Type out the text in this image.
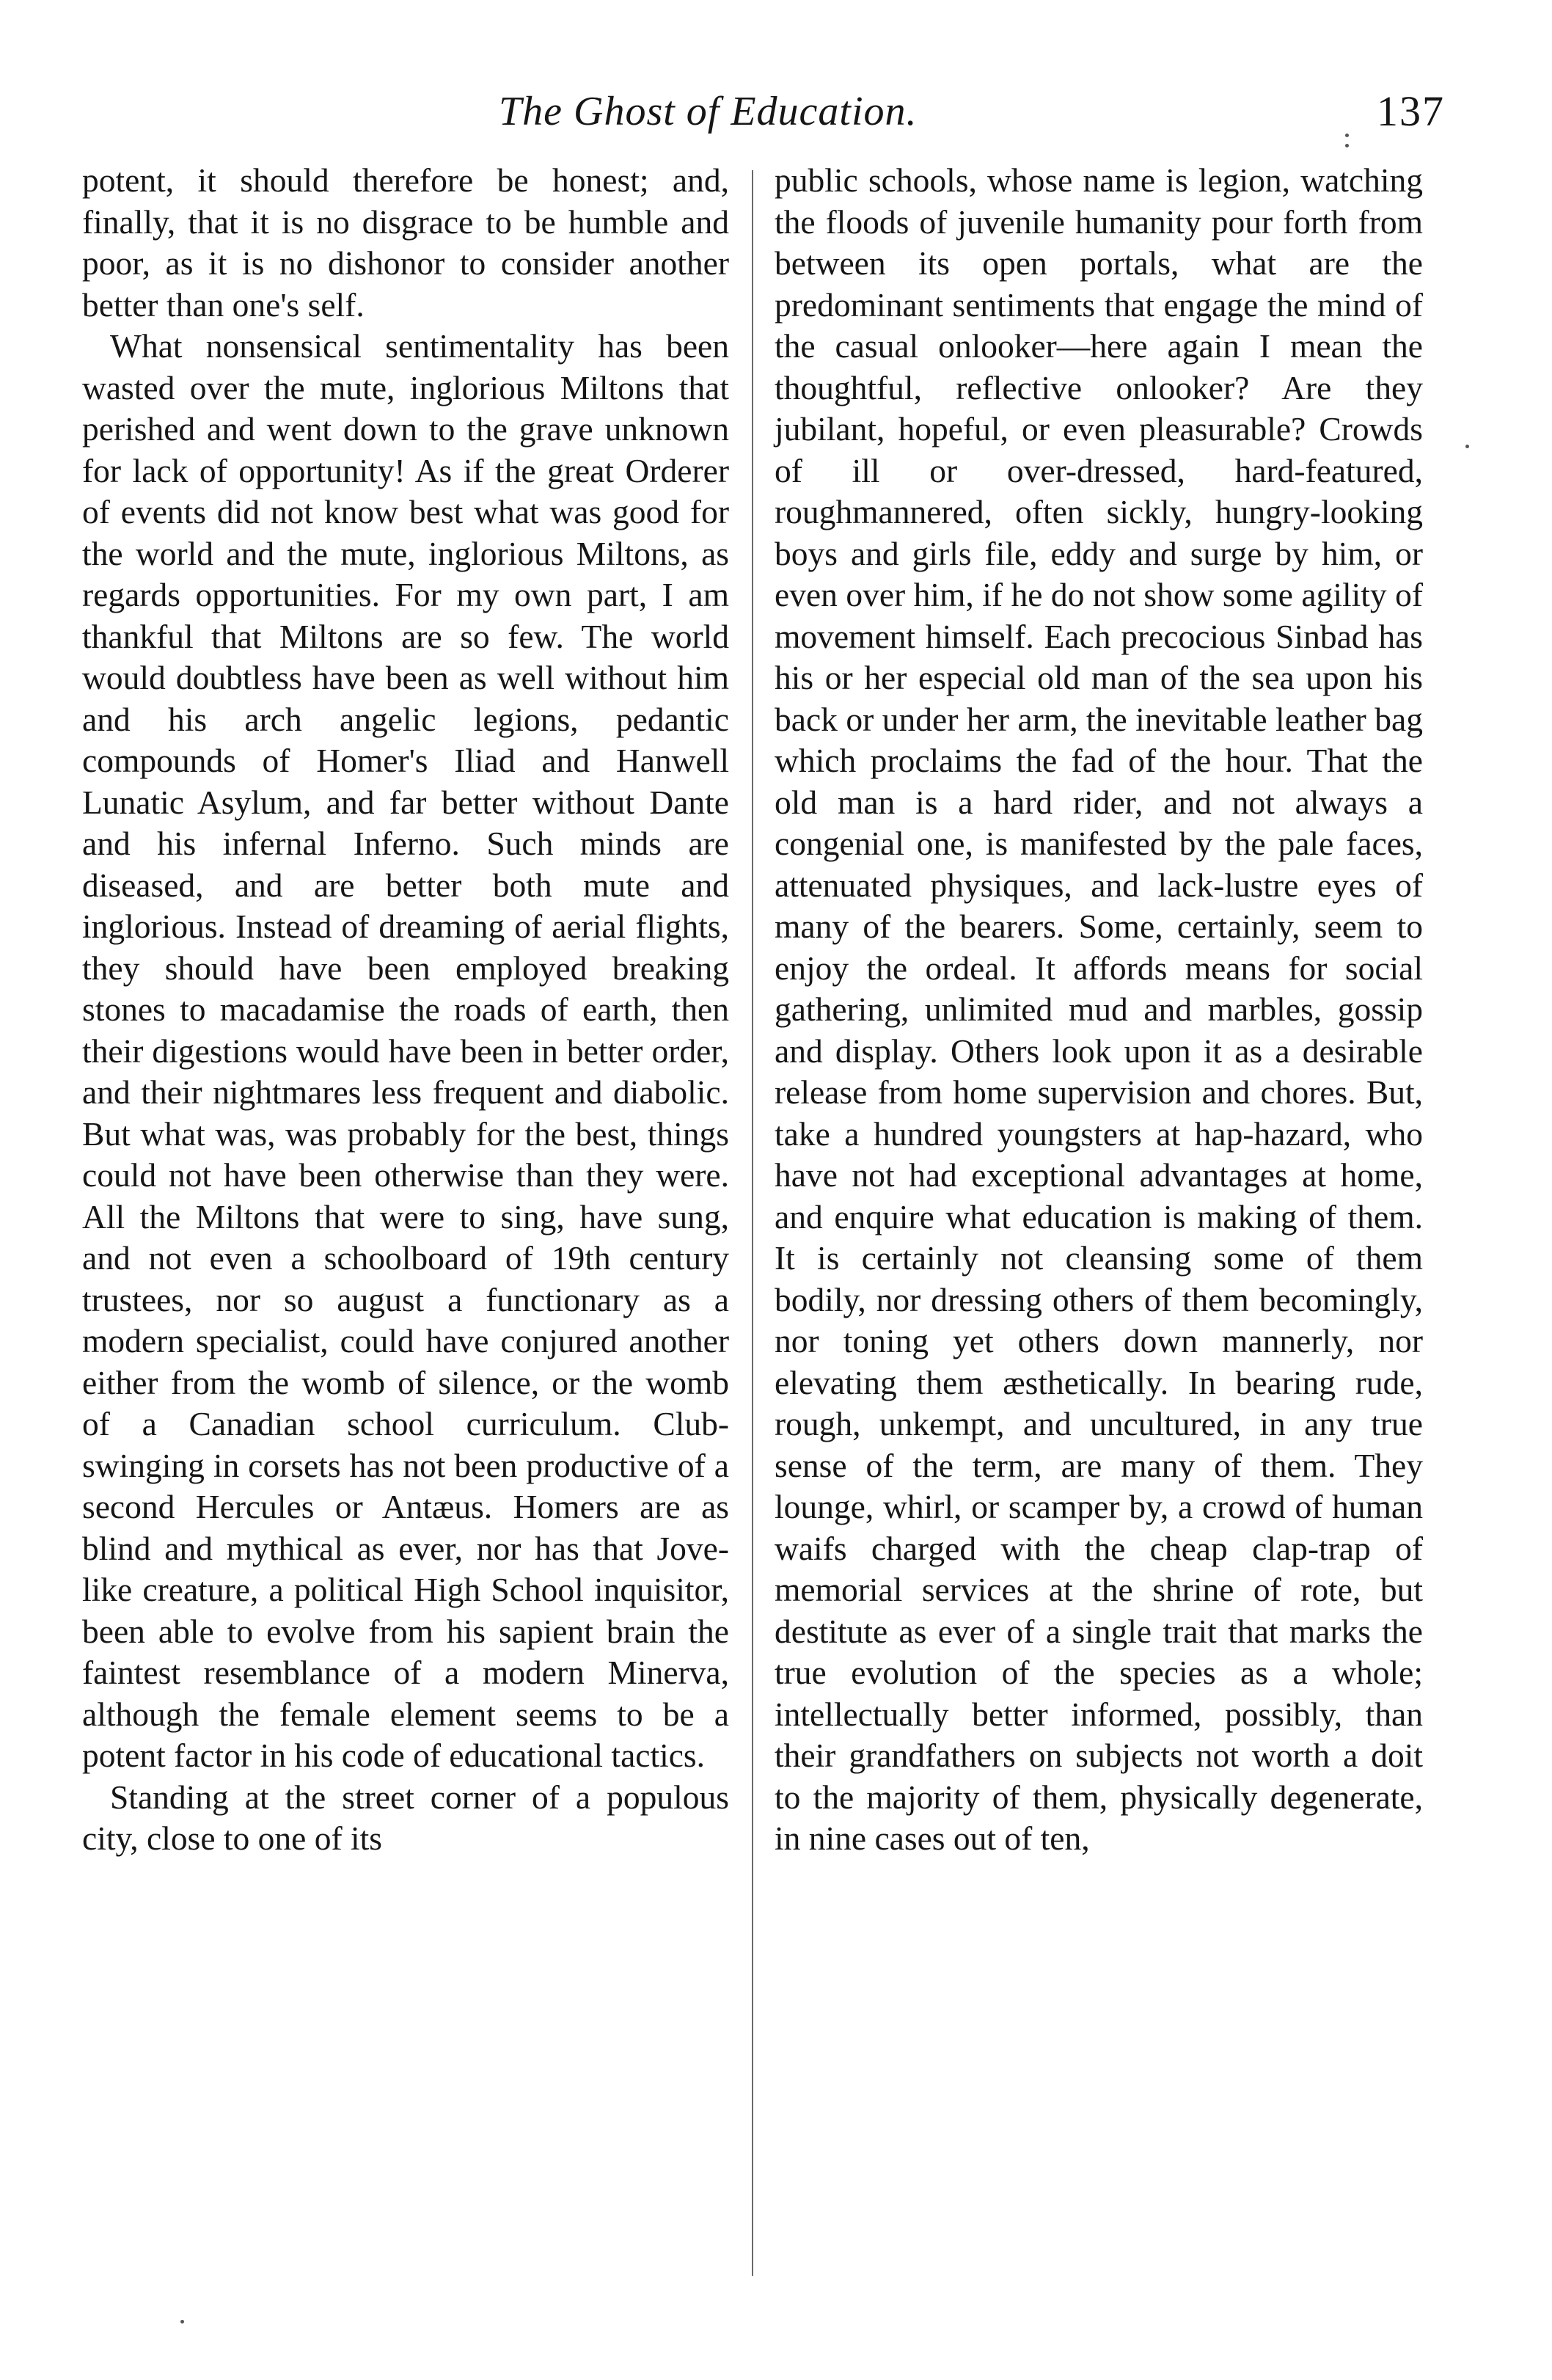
The Ghost of Education.	137

potent, it should therefore be honest; and, finally, that it is no disgrace to be humble and poor, as it is no dishonor to consider another better than one's self.

What nonsensical sentimentality has been wasted over the mute, inglorious Miltons that perished and went down to the grave unknown for lack of opportunity! As if the great Orderer of events did not know best what was good for the world and the mute, inglorious Miltons, as regards opportunities. For my own part, I am thankful that Miltons are so few. The world would doubtless have been as well without him and his arch angelic legions, pedantic compounds of Homer's Iliad and Hanwell Lunatic Asylum, and far better without Dante and his infernal Inferno. Such minds are diseased, and are better both mute and inglorious. Instead of dreaming of aerial flights, they should have been employed breaking stones to macadamise the roads of earth, then their digestions would have been in better order, and their nightmares less frequent and diabolic. But what was, was probably for the best, things could not have been otherwise than they were. All the Miltons that were to sing, have sung, and not even a schoolboard of 19th century trustees, nor so august a functionary as a modern specialist, could have conjured another either from the womb of silence, or the womb of a Canadian school curriculum. Club-swinging in corsets has not been productive of a second Hercules or Antæus. Homers are as blind and mythical as ever, nor has that Jove-like creature, a political High School inquisitor, been able to evolve from his sapient brain the faintest resemblance of a modern Minerva, although the female element seems to be a potent factor in his code of educational tactics.

Standing at the street corner of a populous city, close to one of its

public schools, whose name is legion, watching the floods of juvenile humanity pour forth from between its open portals, what are the predominant sentiments that engage the mind of the casual onlooker—here again I mean the thoughtful, reflective onlooker? Are they jubilant, hopeful, or even pleasurable? Crowds of ill or over-dressed, hard-featured, roughmannered, often sickly, hungry-looking boys and girls file, eddy and surge by him, or even over him, if he do not show some agility of movement himself. Each precocious Sinbad has his or her especial old man of the sea upon his back or under her arm, the inevitable leather bag which proclaims the fad of the hour. That the old man is a hard rider, and not always a congenial one, is manifested by the pale faces, attenuated physiques, and lack-lustre eyes of many of the bearers. Some, certainly, seem to enjoy the ordeal. It affords means for social gathering, unlimited mud and marbles, gossip and display. Others look upon it as a desirable release from home supervision and chores. But, take a hundred youngsters at hap-hazard, who have not had exceptional advantages at home, and enquire what education is making of them. It is certainly not cleansing some of them bodily, nor dressing others of them becomingly, nor toning yet others down mannerly, nor elevating them æsthetically. In bearing rude, rough, unkempt, and uncultured, in any true sense of the term, are many of them. They lounge, whirl, or scamper by, a crowd of human waifs charged with the cheap clap-trap of memorial services at the shrine of rote, but destitute as ever of a single trait that marks the true evolution of the species as a whole; intellectually better informed, possibly, than their grandfathers on subjects not worth a doit to the majority of them, physically degenerate, in nine cases out of ten,
